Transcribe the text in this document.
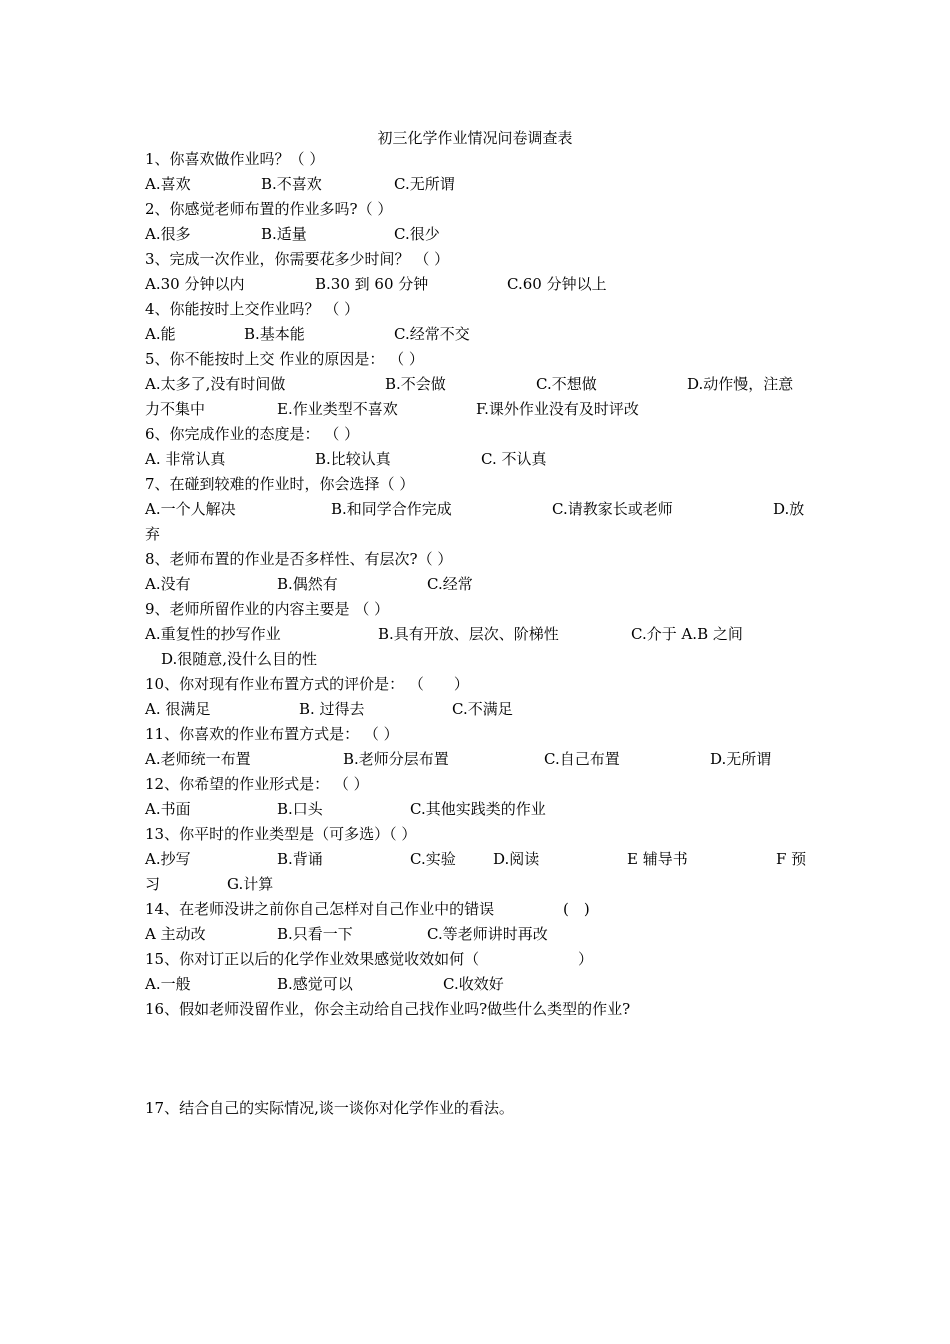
初三化学作业情况问卷调查表
1、你喜欢做作业吗？（ ）
A.喜欢	B.不喜欢	C.无所谓
2、你感觉老师布置的作业多吗?（ ）
A.很多	B.适量	C.很少
3、完成一次作业，你需要花多少时间？ （ ）
A.30 分钟以内	B.30 到 60 分钟	C.60 分钟以上
4、你能按时上交作业吗？ （ ）
A.能	B.基本能	C.经常不交
5、你不能按时上交 作业的原因是： （ ）
A.太多了,没有时间做	B.不会做	C.不想做	D.动作慢，注意
力不集中	E.作业类型不喜欢	F.课外作业没有及时评改
6、你完成作业的态度是： （ ）
A. 非常认真	B.比较认真	C. 不认真
7、在碰到较难的作业时，你会选择（ ）
A.一个人解决	B.和同学合作完成	C.请教家长或老师	D.放
弃
8、老师布置的作业是否多样性、有层次?（ ）
A.没有	B.偶然有	C.经常
9、老师所留作业的内容主要是 （ ）
A.重复性的抄写作业	B.具有开放、层次、阶梯性	C.介于 A.B 之间
D.很随意,没什么目的性
10、你对现有作业布置方式的评价是： （　　）
A. 很满足	B. 过得去	C.不满足
11、你喜欢的作业布置方式是： （ ）
A.老师统一布置	B.老师分层布置	C.自己布置	D.无所谓
12、你希望的作业形式是： （ ）
A.书面	B.口头	C.其他实践类的作业
13、你平时的作业类型是（可多选）（ ）
A.抄写	B.背诵	C.实验 D.阅读	E 辅导书	F 预
习	G.计算
14、在老师没讲之前你自己怎样对自己作业中的错误	(　)
A 主动改	B.只看一下	C.等老师讲时再改
15、你对订正以后的化学作业效果感觉收效如何（	）
A.一般	B.感觉可以	C.收效好
16、假如老师没留作业，你会主动给自己找作业吗?做些什么类型的作业?
17、结合自己的实际情况,谈一谈你对化学作业的看法。
